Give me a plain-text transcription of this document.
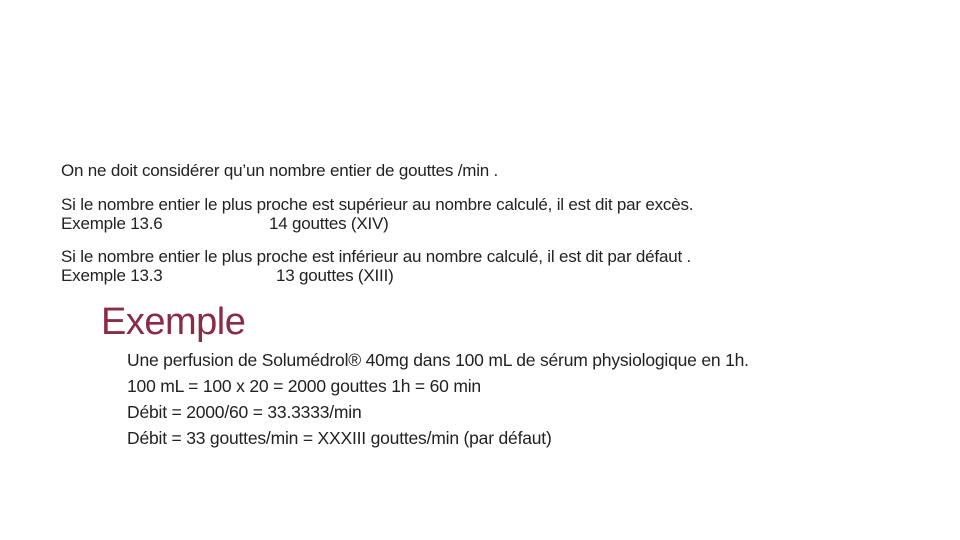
On ne doit considérer qu’un nombre entier de gouttes /min .
Si le nombre entier le plus proche est supérieur au nombre calculé, il est dit par excès.
Exemple 13.6	14 gouttes (XIV)
Si le nombre entier le plus proche est inférieur au nombre calculé, il est dit par défaut .
Exemple 13.3	13 gouttes (XIII)
Exemple
Une perfusion de Solumédrol® 40mg dans 100 mL de sérum physiologique en 1h.
100 mL = 100 x 20 = 2000 gouttes 1h = 60 min
Débit = 2000/60 = 33.3333/min
Débit = 33 gouttes/min = XXXIII gouttes/min (par défaut)
